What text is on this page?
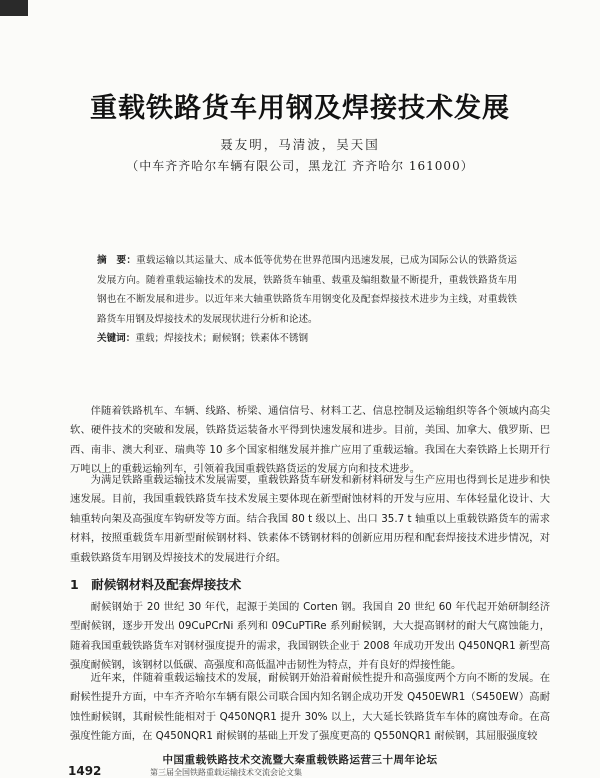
重载铁路货车用钢及焊接技术发展
聂友明，马清波，吴天国
（中车齐齐哈尔车辆有限公司，黑龙江 齐齐哈尔 161000）
摘　要：重载运输以其运量大、成本低等优势在世界范围内迅速发展，已成为国际公认的铁路货运发展方向。随着重载运输技术的发展，铁路货车轴重、载重及编组数量不断提升，重载铁路货车用钢也在不断发展和进步。以近年来大轴重铁路货车用钢变化及配套焊接技术进步为主线，对重载铁路货车用钢及焊接技术的发展现状进行分析和论述。
关键词：重载；焊接技术；耐候钢；铁素体不锈钢

伴随着铁路机车、车辆、线路、桥梁、通信信号、材料工艺、信息控制及运输组织等各个领域内高尖软、硬件技术的突破和发展，铁路货运装备水平得到快速发展和进步。目前，美国、加拿大、俄罗斯、巴西、南非、澳大利亚、瑞典等 10 多个国家相继发展并推广应用了重载运输。我国在大秦铁路上长期开行万吨以上的重载运输列车，引领着我国重载铁路货运的发展方向和技术进步。

为满足铁路重载运输技术发展需要，重载铁路货车研发和新材料研发与生产应用也得到长足进步和快速发展。目前，我国重载铁路货车技术发展主要体现在新型耐蚀材料的开发与应用、车体轻量化设计、大轴重转向架及高强度车钩研发等方面。结合我国 80 t 级以上、出口 35.7 t 轴重以上重载铁路货车的需求材料，按照重载货车用新型耐候钢材料、铁素体不锈钢材料的创新应用历程和配套焊接技术进步情况，对重载铁路货车用钢及焊接技术的发展进行介绍。

1　耐候钢材料及配套焊接技术

耐候钢始于 20 世纪 30 年代，起源于美国的 Corten 钢。我国自 20 世纪 60 年代起开始研制经济型耐候钢，逐步开发出 09CuPCrNi 系列和 09CuPTiRe 系列耐候钢，大大提高钢材的耐大气腐蚀能力，随着我国重载铁路货车对钢材强度提升的需求，我国钢铁企业于 2008 年成功开发出 Q450NQR1 新型高强度耐候钢，该钢材以低碳、高强度和高低温冲击韧性为特点，并有良好的焊接性能。

近年来，伴随着重载运输技术的发展，耐候钢开始沿着耐候性提升和高强度两个方向不断的发展。在耐候性提升方面，中车齐齐哈尔车辆有限公司联合国内知名钢企成功开发 Q450EWR1（S450EW）高耐蚀性耐候钢，其耐候性能相对于 Q450NQR1 提升 30% 以上，大大延长铁路货车车体的腐蚀寿命。在高强度性能方面，在 Q450NQR1 耐候钢的基础上开发了强度更高的 Q550NQR1 耐候钢，其屈服强度较

中国重载铁路技术交流暨大秦重载铁路运营三十周年论坛
1492	第三届全国铁路重载运输技术交流会论文集
